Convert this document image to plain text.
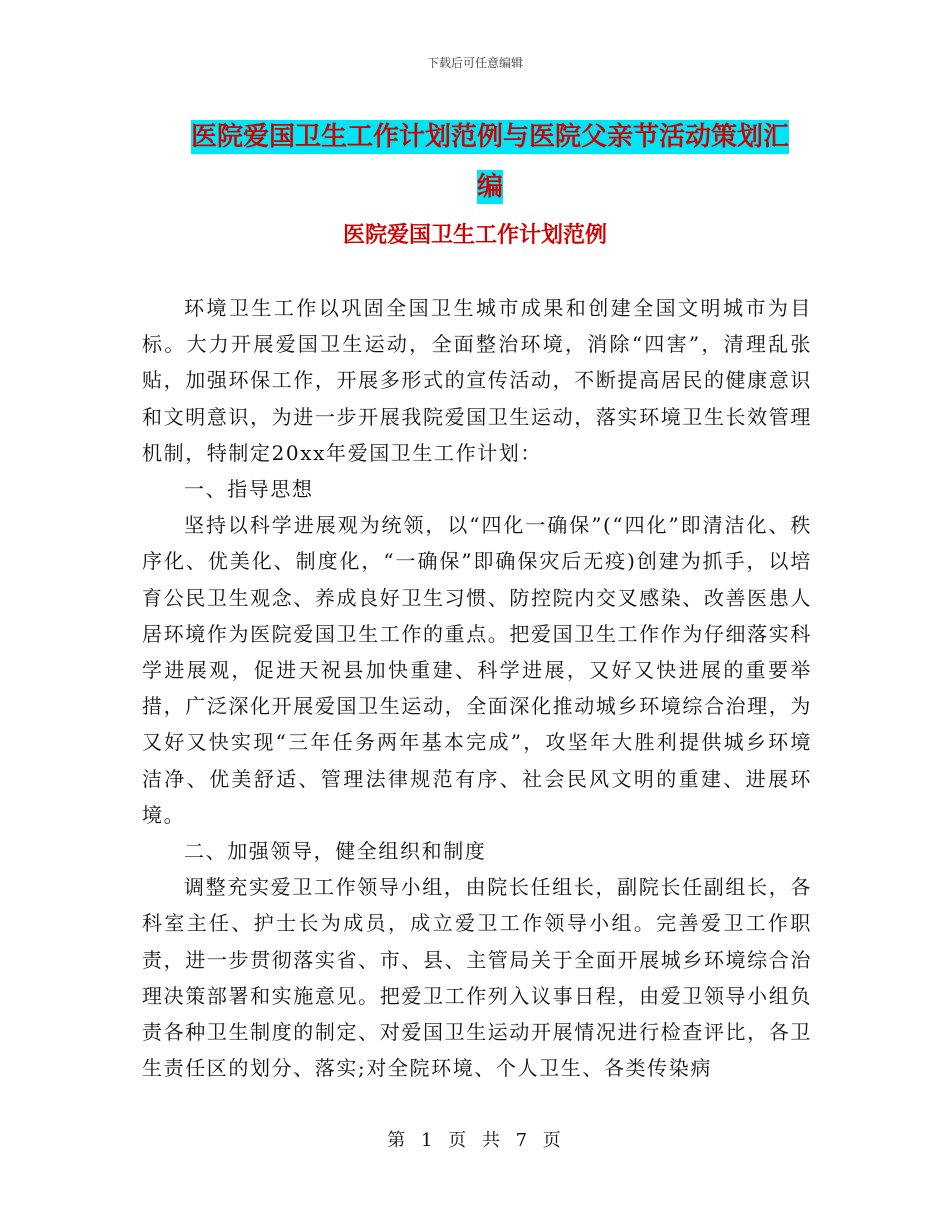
下载后可任意编辑
医院爱国卫生工作计划范例与医院父亲节活动策划汇
编
医院爱国卫生工作计划范例

环境卫生工作以巩固全国卫生城市成果和创建全国文明城市为目标。大力开展爱国卫生运动，全面整治环境，消除“四害”，清理乱张贴，加强环保工作，开展多形式的宣传活动，不断提高居民的健康意识和文明意识，为进一步开展我院爱国卫生运动，落实环境卫生长效管理机制，特制定20xx年爱国卫生工作计划：

一、指导思想

坚持以科学进展观为统领，以“四化一确保”(“四化”即清洁化、秩序化、优美化、制度化，“一确保”即确保灾后无疫)创建为抓手，以培育公民卫生观念、养成良好卫生习惯、防控院内交叉感染、改善医患人居环境作为医院爱国卫生工作的重点。把爱国卫生工作作为仔细落实科学进展观，促进天祝县加快重建、科学进展，又好又快进展的重要举措，广泛深化开展爱国卫生运动，全面深化推动城乡环境综合治理，为又好又快实现“三年任务两年基本完成”，攻坚年大胜利提供城乡环境洁净、优美舒适、管理法律规范有序、社会民风文明的重建、进展环境。

二、加强领导，健全组织和制度

调整充实爱卫工作领导小组，由院长任组长，副院长任副组长，各科室主任、护士长为成员，成立爱卫工作领导小组。完善爱卫工作职责，进一步贯彻落实省、市、县、主管局关于全面开展城乡环境综合治理决策部署和实施意见。把爱卫工作列入议事日程，由爱卫领导小组负责各种卫生制度的制定、对爱国卫生运动开展情况进行检查评比，各卫生责任区的划分、落实;对全院环境、个人卫生、各类传染病

第 1 页 共 7 页
